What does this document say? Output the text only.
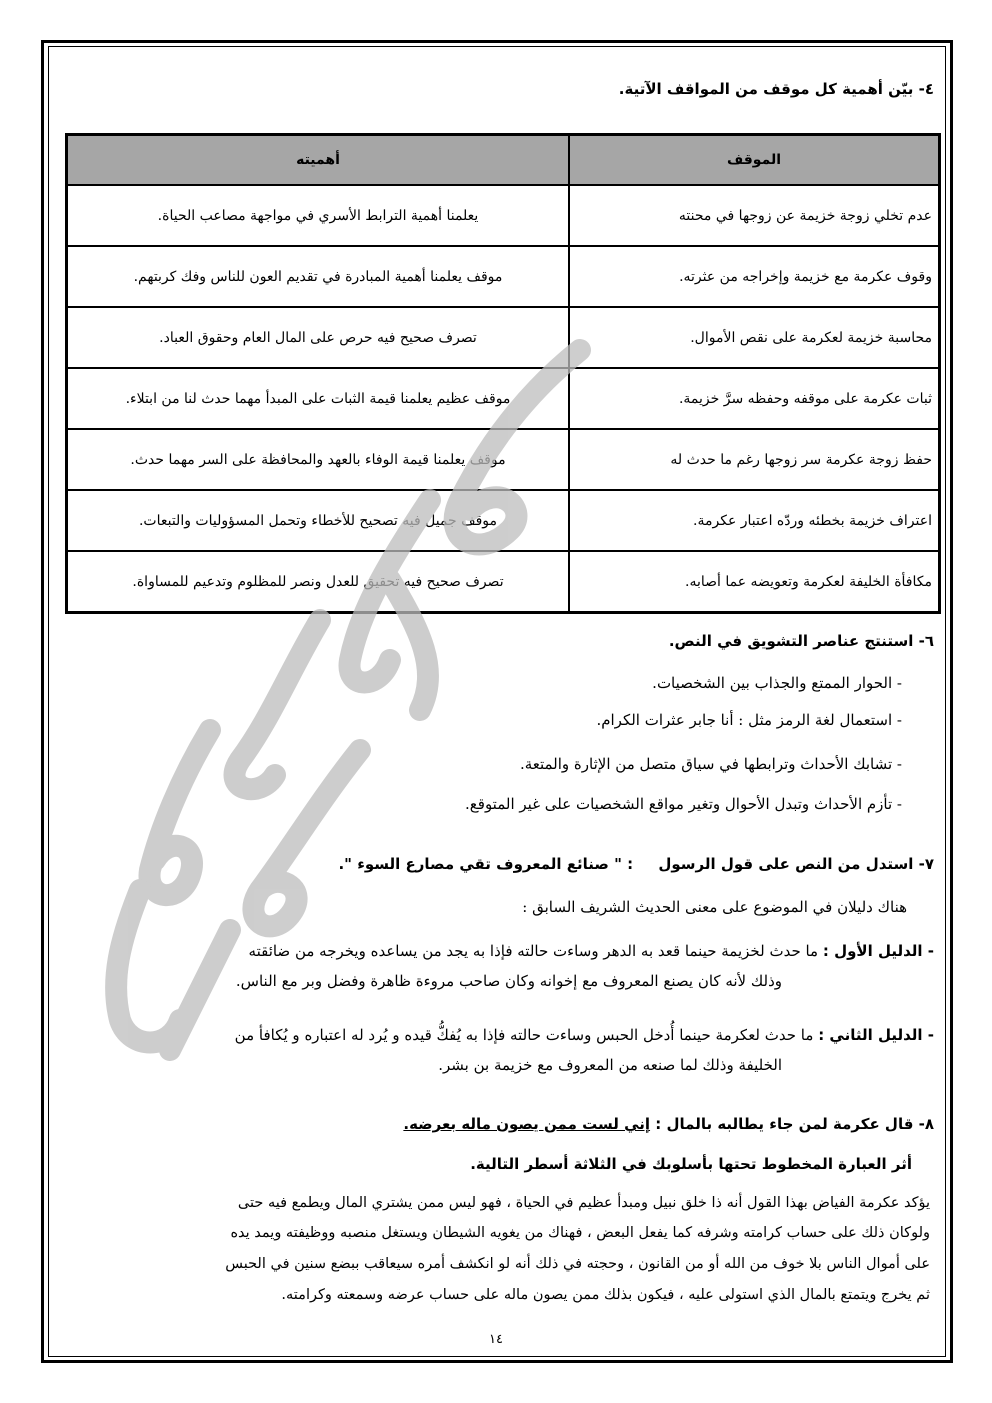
٤- بيّن أهمية كل موقف من المواقف الآتية.
الموقف	أهميته
عدم تخلي زوجة خزيمة عن زوجها في محنته	يعلمنا أهمية الترابط الأسري في مواجهة مصاعب الحياة.
وقوف عكرمة مع خزيمة وإخراجه من عثرته.	موقف يعلمنا أهمية المبادرة في تقديم العون للناس وفك كربتهم.
محاسبة خزيمة لعكرمة على نقص الأموال.	تصرف صحيح فيه حرص على المال العام وحقوق العباد.
ثبات عكرمة على موقفه وحفظه سرَّ خزيمة.	موقف عظيم يعلمنا قيمة الثبات على المبدأ مهما حدث لنا من ابتلاء.
حفظ زوجة عكرمة سر زوجها رغم ما حدث له	موقف يعلمنا قيمة الوفاء بالعهد والمحافظة على السر مهما حدث.
اعتراف خزيمة بخطئه وردّه اعتبار عكرمة.	موقف جميل فيه تصحيح للأخطاء وتحمل المسؤوليات والتبعات.
مكافأة الخليفة لعكرمة وتعويضه عما أصابه.	تصرف صحيح فيه تحقيق للعدل ونصر للمظلوم وتدعيم للمساواة.
٦- استنتج عناصر التشويق في النص.
- الحوار الممتع والجذاب بين الشخصيات.
- استعمال لغة الرمز مثل : أنا جابر عثرات الكرام.
- تشابك الأحداث وترابطها في سياق متصل من الإثارة والمتعة.
- تأزم الأحداث وتبدل الأحوال وتغير مواقع الشخصيات على غير المتوقع.
٧- استدل من النص على قول الرسول : " صنائع المعروف تقي مصارع السوء ".
هناك دليلان في الموضوع على معنى الحديث الشريف السابق :
- الدليل الأول : ما حدث لخزيمة حينما قعد به الدهر وساءت حالته فإذا به يجد من يساعده ويخرجه من ضائقته
وذلك لأنه كان يصنع المعروف مع إخوانه وكان صاحب مروءة ظاهرة وفضل وبر مع الناس.
- الدليل الثاني : ما حدث لعكرمة حينما أُدخل الحبس وساءت حالته فإذا به يُفكُّ قيده و يُرد له اعتباره و يُكافأ من
الخليفة وذلك لما صنعه من المعروف مع خزيمة بن بشر.
٨- قال عكرمة لمن جاء يطالبه بالمال : إني لست ممن يصون ماله بعرضه.
أثر العبارة المخطوط تحتها بأسلوبك في الثلاثة أسطر التالية.
يؤكد عكرمة الفياض بهذا القول أنه ذا خلق نبيل ومبدأ عظيم في الحياة ، فهو ليس ممن يشتري المال ويطمع فيه حتى
ولوكان ذلك على حساب كرامته وشرفه كما يفعل البعض ، فهناك من يغويه الشيطان ويستغل منصبه ووظيفته ويمد يده
على أموال الناس بلا خوف من الله أو من القانون ، وحجته في ذلك أنه لو انكشف أمره سيعاقب ببضع سنين في الحبس
ثم يخرج ويتمتع بالمال الذي استولى عليه ، فيكون بذلك ممن يصون ماله على حساب عرضه وسمعته وكرامته.
١٤
